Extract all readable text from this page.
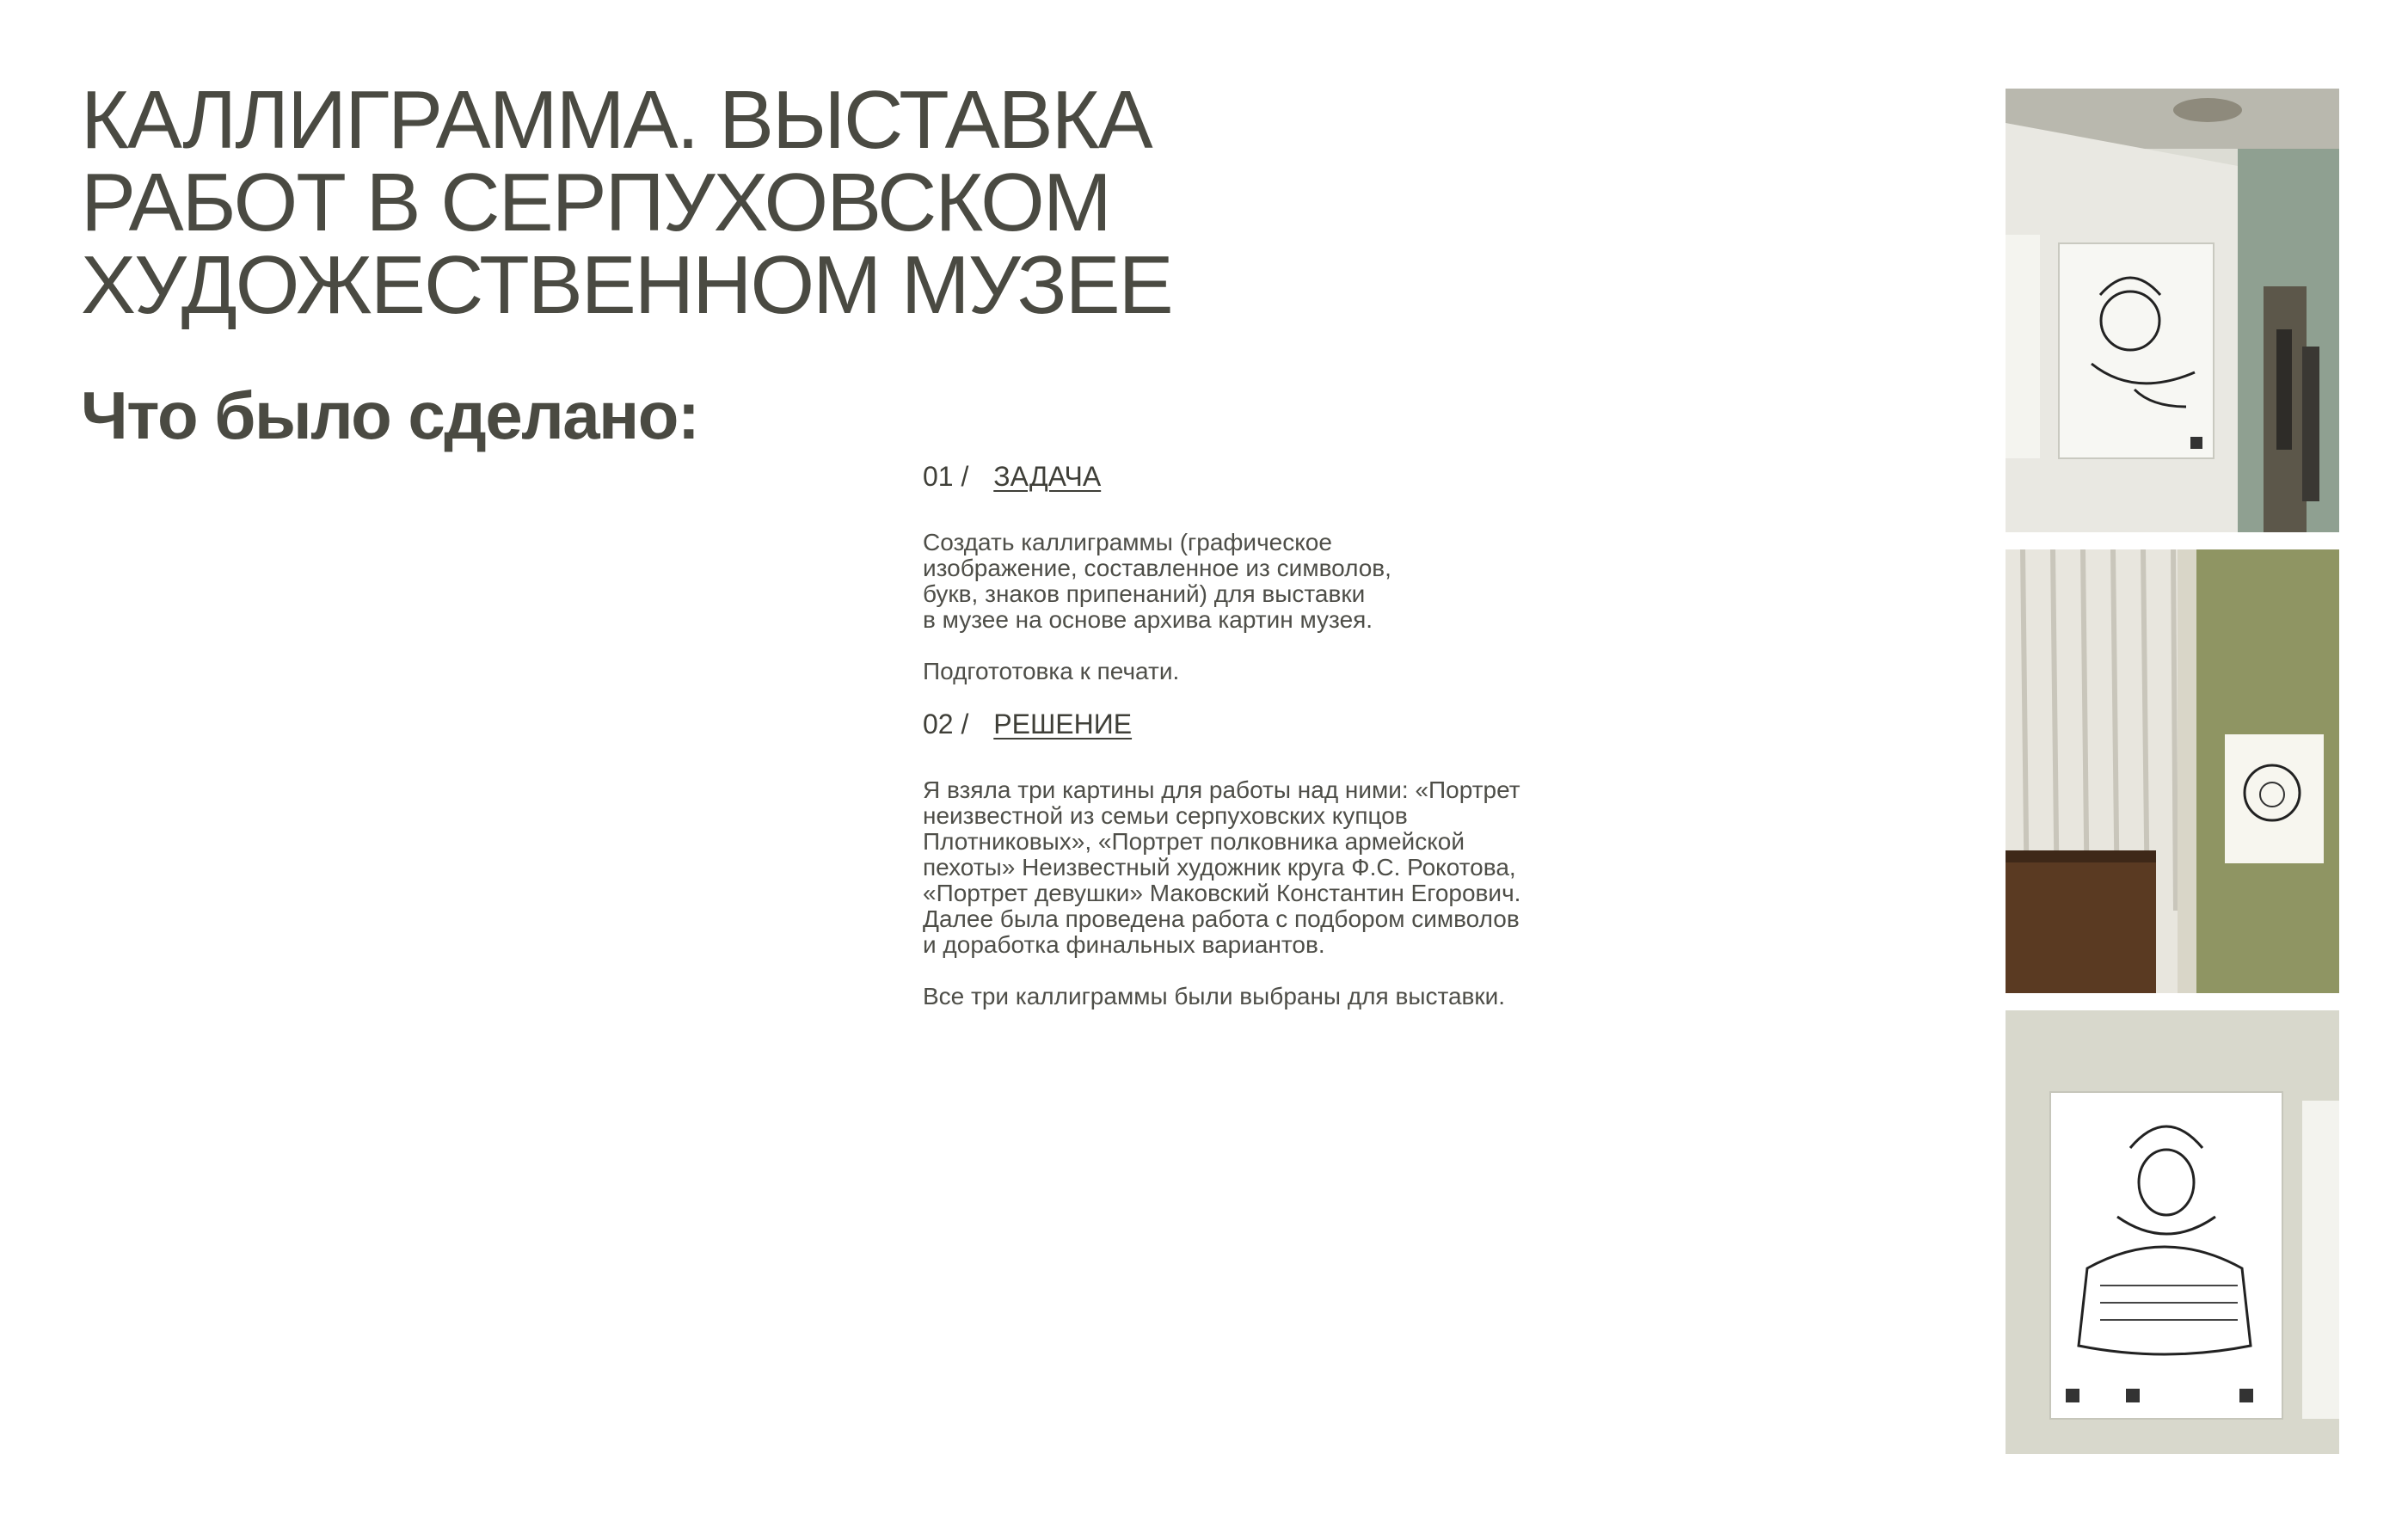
КАЛЛИГРАММА. ВЫСТАВКА
РАБОТ В СЕРПУХОВСКОМ
ХУДОЖЕСТВЕННОМ МУЗЕЕ
Что было сделано:

01 / ЗАДАЧА

Создать каллиграммы (графическое
изображение, составленное из символов,
букв, знаков припенаний) для выставки
в музее на основе архива картин музея.

Подгототовка к печати.

02 / РЕШЕНИЕ

Я взяла три картины для работы над ними: «Портрет
неизвестной из семьи серпуховских купцов
Плотниковых», «Портрет полковника армейской
пехоты» Неизвестный художник круга Ф.С. Рокотова,
«Портрет девушки» Маковский Константин Егорович.
Далее была проведена работа с подбором символов
и доработка финальных вариантов.

Все три каллиграммы были выбраны для выставки.
